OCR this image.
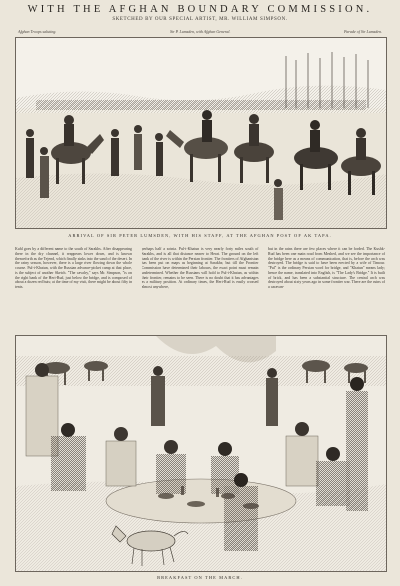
WITH THE AFGHAN BOUNDARY COMMISSION.
SKETCHED BY OUR SPECIAL ARTIST, MR. WILLIAM SIMPSON.
Afghan Troops saluting.	Sir P. Lumsden, with Afghan General.	Parade of Sir Lumsden.
ARRIVAL OF SIR PETER LUMSDEN, WITH HIS STAFF, AT THE AFGHAN POST OF AK TAPA.
Kuhl goes by a different name to the south of Sarakhs. After disappearing there in the dry channel, it reappears lower down, and is known thenceforth as the Tejend, which finally sinks into the sand of the desert. In the rainy season, however, there is a large river flowing down the whole course. Pul-i-Khatun, with the Russian advance-picket camp at that place, is the subject of another Sketch. "The cavalry," says Mr. Simpson, "is on the right bank of the Heri-Rud, just below the bridge, and is composed of about a dozen red huts; at the time of my visit, there might be about fifty in tents.
perhaps half a sotnia. Pul-i-Khatun is very nearly forty miles south of Sarakhs, and is all that distance nearer to Herat. The ground on the left bank of the river is within the Persian frontier. The frontiers of Afghanistan has been put on maps as beginning at Sarakhs; but till the Frontier Commission have determined their labours, the exact point must remain undetermined. Whether the Russians will hold to Pul-i-Khatun, as within their frontier, remains to be seen. There is no doubt that it has advantages as a military position. At ordinary times, the Heri-Rud is easily crossed almost anywhere,
but in the rains there are few places where it can be forded. The Kushk-Rud has been one main road from Meshed, and we see the importance of the bridge here as a means of communication, that is, before the arch was destroyed. The bridge is said to have been erected by a wife of Timour. "Pul" is the ordinary Persian word for bridge, and "Khatun" means lady; hence the name, translated into English, is "The Lady's Bridge." It is built of brick, and has been a substantial structure. The central arch was destroyed about sixty years ago in some frontier war. There are the ruins of a caravan-
BREAKFAST ON THE MARCH.
